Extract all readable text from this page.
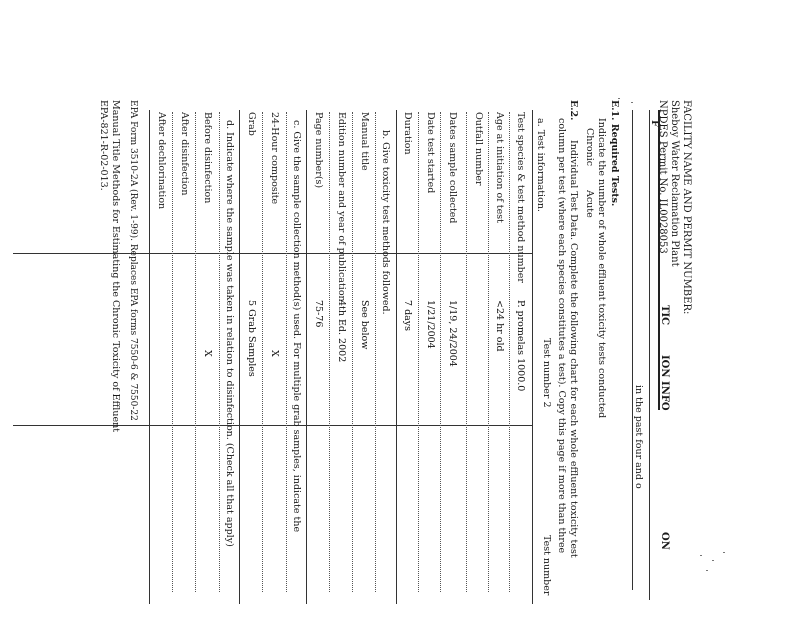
FACILITY NAME AND PERMIT NUMBER:
Sheboy Water Reclamation Plant
NPDES Permit No. IL0028053
TIC
ION INFO
ON
F
in the past four and o
E.1. Required Tests.
Indicate the number of whole effluent toxicity tests conducted
Chronic
Acute
E.2.
Individual Test Data. Complete the following chart for each whole effluent toxicity test
column per test (where each species constitutes a test). Copy this page if more than three
a. Test information.
Test number 2
Test number
Test species & test method number
P. promelas 1000.0
Age at initiation of test
<24 hr old
Outfall number
Dates sample collected
1/19, 24/2004
Date test started
1/21/2004
Duration
7 days
b. Give toxicity test methods followed.
Manual title
See below
Edition number and year of publication
4th Ed. 2002
Page number(s)
75-76
c. Give the sample collection method(s) used. For multiple grab samples, indicate the
24-Hour composite
X
Grab
5 Grab Samples
d. Indicate where the sample was taken in relation to disinfection. (Check all that apply)
Before disinfection
X
After disinfection
After dechlorination
EPA Form 3510-2A (Rev. 1-99). Replaces EPA forms 7550-6 & 7550-22
Manual Title Methods for Estimating the Chronic Toxicity of Effluent
EPA-821-R-02-013.
